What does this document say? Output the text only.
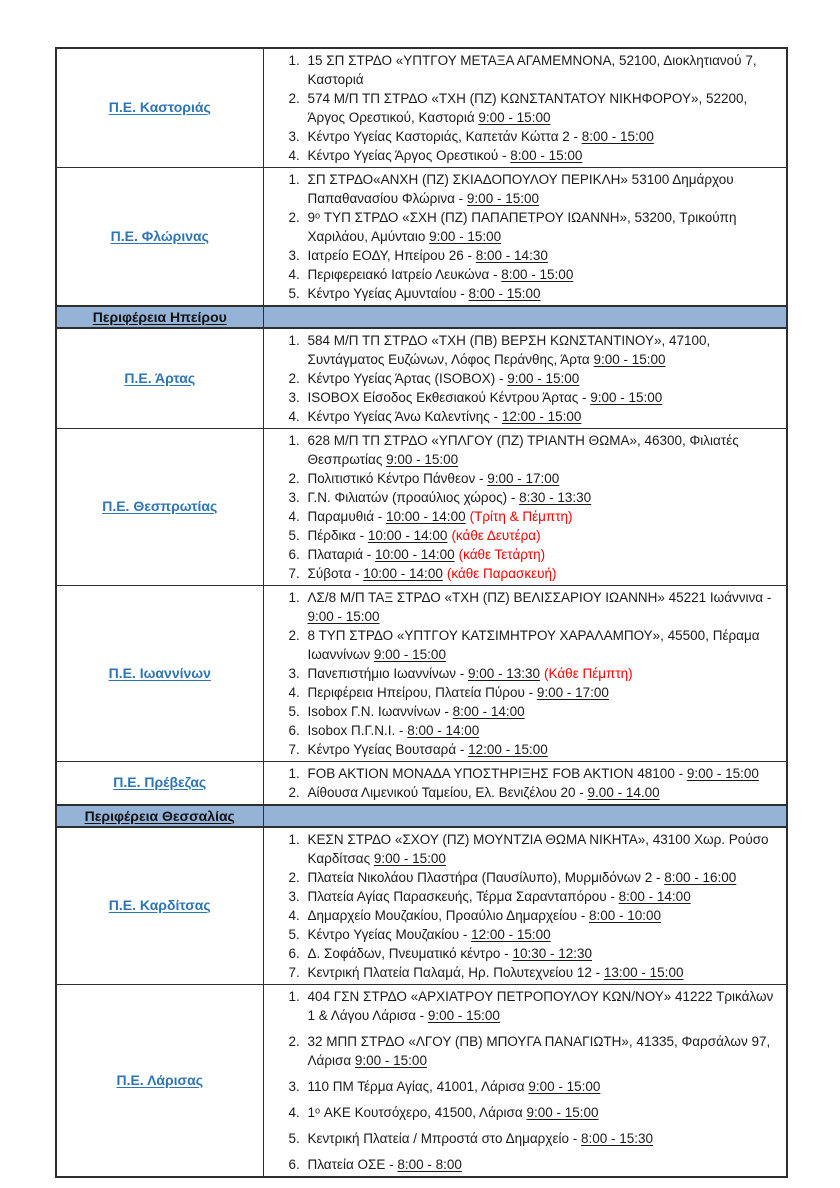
Π.Ε. Καστοριάς	
1. 15 ΣΠ ΣΤΡΔΟ «ΥΠΤΓΟΥ ΜΕΤΑΞΑ ΑΓΑΜΕΜΝΟΝΑ, 52100, Διοκλητιανού 7, Καστοριά
2. 574 Μ/Π ΤΠ ΣΤΡΔΟ «ΤΧΗ (ΠΖ) ΚΩΝΣΤΑΝΤΑΤΟΥ ΝΙΚΗΦΟΡΟΥ», 52200, Άργος Ορεστικού, Καστοριά 9:00 - 15:00
3. Κέντρο Υγείας Καστοριάς, Καπετάν Κώττα 2 - 8:00 - 15:00
4. Κέντρο Υγείας Άργος Ορεστικού - 8:00 - 15:00

Π.Ε. Φλώρινας	
1. ΣΠ ΣΤΡΔΟ«ΑΝΧΗ (ΠΖ) ΣΚΙΑΔΟΠΟΥΛΟΥ ΠΕΡΙΚΛΗ» 53100 Δημάρχου Παπαθανασίου Φλώρινα - 9:00 - 15:00
2. 9ᵒ ΤΥΠ ΣΤΡΔΟ «ΣΧΗ (ΠΖ) ΠΑΠΑΠΕΤΡΟΥ ΙΩΑΝΝΗ», 53200, Τρικούπη Χαριλάου, Αμύνταιο 9:00 - 15:00
3. Ιατρείο ΕΟΔΥ, Ηπείρου 26 - 8:00 - 14:30
4. Περιφερειακό Ιατρείο Λευκώνα - 8:00 - 15:00
5. Κέντρο Υγείας Αμυνταίου - 8:00 - 15:00

Περιφέρεια Ηπείρου	
Π.Ε. Άρτας	
1. 584 Μ/Π ΤΠ ΣΤΡΔΟ «ΤΧΗ (ΠΒ) ΒΕΡΣΗ ΚΩΝΣΤΑΝΤΙΝΟΥ», 47100, Συντάγματος Ευζώνων, Λόφος Περάνθης, Άρτα 9:00 - 15:00
2. Κέντρο Υγείας Άρτας (ISOBOX) - 9:00 - 15:00
3. ISOBOX Είσοδος Εκθεσιακού Κέντρου Άρτας - 9:00 - 15:00
4. Κέντρο Υγείας Άνω Καλεντίνης - 12:00 - 15:00

Π.Ε. Θεσπρωτίας	
1. 628 Μ/Π ΤΠ ΣΤΡΔΟ «ΥΠΛΓΟΥ (ΠΖ) ΤΡΙΑΝΤΗ ΘΩΜΑ», 46300, Φιλιατές Θεσπρωτίας 9:00 - 15:00
2. Πολιτιστικό Κέντρο Πάνθεον - 9:00 - 17:00
3. Γ.Ν. Φιλιατών (προαύλιος χώρος) - 8:30 - 13:30
4. Παραμυθιά - 10:00 - 14:00 (Τρίτη & Πέμπτη)
5. Πέρδικα - 10:00 - 14:00 (κάθε Δευτέρα)
6. Πλαταριά - 10:00 - 14:00 (κάθε Τετάρτη)
7. Σύβοτα - 10:00 - 14:00 (κάθε Παρασκευή)

Π.Ε. Ιωαννίνων	
1. ΛΣ/8 Μ/Π ΤΑΞ ΣΤΡΔΟ «ΤΧΗ (ΠΖ) ΒΕΛΙΣΣΑΡΙΟΥ ΙΩΑΝΝΗ» 45221 Ιωάννινα - 9:00 - 15:00
2. 8 ΤΥΠ ΣΤΡΔΟ «ΥΠΤΓΟΥ ΚΑΤΣΙΜΗΤΡΟΥ ΧΑΡΑΛΑΜΠΟΥ», 45500, Πέραμα Ιωαννίνων 9:00 - 15:00
3. Πανεπιστήμιο Ιωαννίνων - 9:00 - 13:30 (Κάθε Πέμπτη)
4. Περιφέρεια Ηπείρου, Πλατεία Πύρου - 9:00 - 17:00
5. Isobox Γ.Ν. Ιωαννίνων - 8:00 - 14:00
6. Isobox Π.Γ.Ν.Ι. - 8:00 - 14:00
7. Κέντρο Υγείας Βουτσαρά - 12:00 - 15:00

Π.Ε. Πρέβεζας	
1. FOB AKTION ΜΟΝΑΔΑ ΥΠΟΣΤΗΡΙΞΗΣ FOB AKTION 48100 - 9:00 - 15:00
2. Αίθουσα Λιμενικού Ταμείου, Ελ. Βενιζέλου 20 - 9.00 - 14.00

Περιφέρεια Θεσσαλίας	
Π.Ε. Καρδίτσας	
1. ΚΕΣΝ ΣΤΡΔΟ «ΣΧΟΥ (ΠΖ) ΜΟΥΝΤΖΙΑ ΘΩΜΑ ΝΙΚΗΤΑ», 43100 Χωρ. Ρούσο Καρδίτσας 9:00 - 15:00
2. Πλατεία Νικολάου Πλαστήρα (Παυσίλυπο), Μυρμιδόνων 2 - 8:00 - 16:00
3. Πλατεία Αγίας Παρασκευής, Τέρμα Σαρανταπόρου - 8:00 - 14:00
4. Δημαρχείο Μουζακίου, Προαύλιο Δημαρχείου - 8:00 - 10:00
5. Κέντρο Υγείας Μουζακίου - 12:00 - 15:00
6. Δ. Σοφάδων, Πνευματικό κέντρο - 10:30 - 12:30
7. Κεντρική Πλατεία Παλαμά, Ηρ. Πολυτεχνείου 12 - 13:00 - 15:00

Π.Ε. Λάρισας	
1. 404 ΓΣΝ ΣΤΡΔΟ «ΑΡΧΙΑΤΡΟΥ ΠΕΤΡΟΠΟΥΛΟΥ ΚΩΝ/ΝΟΥ» 41222 Τρικάλων 1 & Λάγου Λάρισα - 9:00 - 15:00
2. 32 ΜΠΠ ΣΤΡΔΟ «ΛΓΟΥ (ΠΒ) ΜΠΟΥΓΑ ΠΑΝΑΓΙΩΤΗ», 41335, Φαρσάλων 97, Λάρισα 9:00 - 15:00
3. 110 ΠΜ Τέρμα Αγίας, 41001, Λάρισα 9:00 - 15:00
4. 1ᵒ ΑΚΕ Κουτσόχερο, 41500, Λάρισα 9:00 - 15:00
5. Κεντρική Πλατεία / Μπροστά στο Δημαρχείο - 8:00 - 15:30
6. Πλατεία ΟΣΕ - 8:00 - 8:00
